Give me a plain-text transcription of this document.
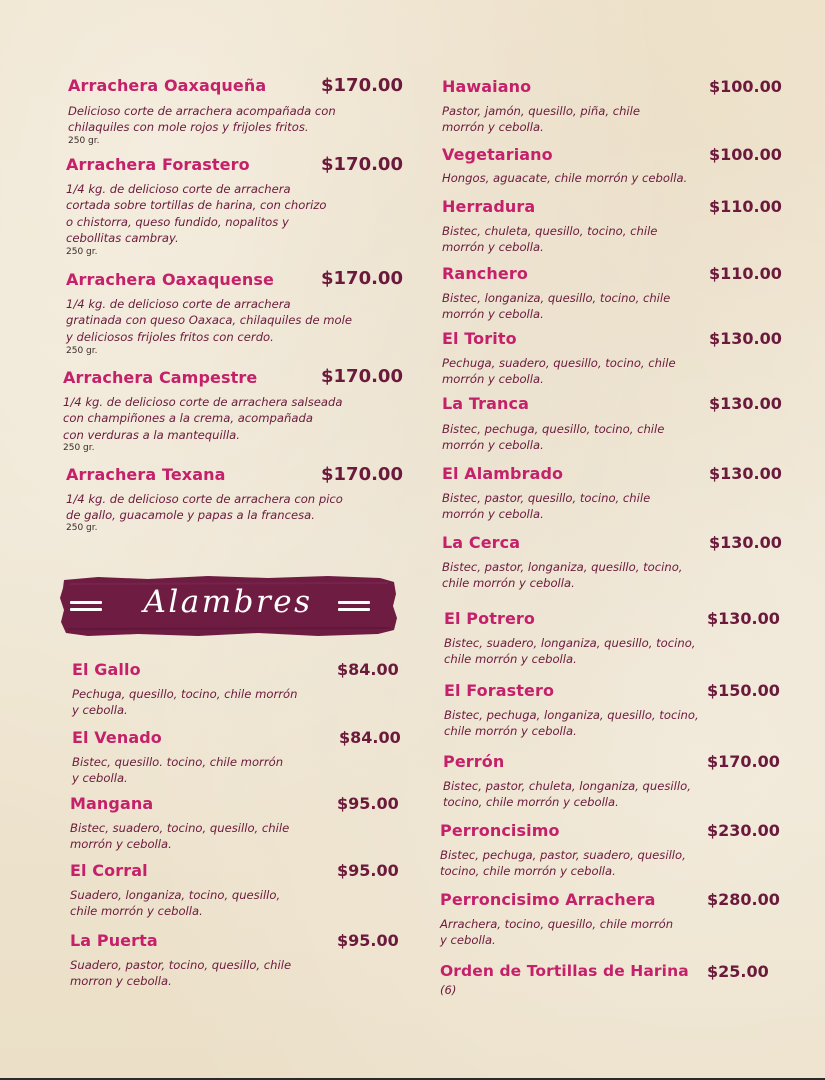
Arrachera Oaxaqueña	$170.00
Delicioso corte de arrachera acompañada con
chilaquiles con mole rojos y frijoles fritos.
250 gr.
Arrachera Forastero	$170.00
1/4 kg. de delicioso corte de arrachera
cortada sobre tortillas de harina, con chorizo
o chistorra, queso fundido, nopalitos y
cebollitas cambray.
250 gr.
Arrachera Oaxaquense	$170.00
1/4 kg. de delicioso corte de arrachera
gratinada con queso Oaxaca, chilaquiles de mole
y deliciosos frijoles fritos con cerdo.
250 gr.
Arrachera Campestre	$170.00
1/4 kg. de delicioso corte de arrachera salseada
con champiñones a la crema, acompañada
con verduras a la mantequilla.
250 gr.
Arrachera Texana	$170.00
1/4 kg. de delicioso corte de arrachera con pico
de gallo, guacamole y papas a la francesa.
250 gr.
Alambres
El Gallo	$84.00
Pechuga, quesillo, tocino, chile morrón
y cebolla.
El Venado	$84.00
Bistec, quesillo. tocino, chile morrón
y cebolla.
Mangana	$95.00
Bistec, suadero, tocino, quesillo, chile
morrón y cebolla.
El Corral	$95.00
Suadero, longaniza, tocino, quesillo,
chile morrón y cebolla.
La Puerta	$95.00
Suadero, pastor, tocino, quesillo, chile
morron y cebolla.
Hawaiano	$100.00
Pastor, jamón, quesillo, piña, chile
morrón y cebolla.
Vegetariano	$100.00
Hongos, aguacate, chile morrón y cebolla.
Herradura	$110.00
Bistec, chuleta, quesillo, tocino, chile
morrón y cebolla.
Ranchero	$110.00
Bistec, longaniza, quesillo, tocino, chile
morrón y cebolla.
El Torito	$130.00
Pechuga, suadero, quesillo, tocino, chile
morrón y cebolla.
La Tranca	$130.00
Bistec, pechuga, quesillo, tocino, chile
morrón y cebolla.
El Alambrado	$130.00
Bistec, pastor, quesillo, tocino, chile
morrón y cebolla.
La Cerca	$130.00
Bistec, pastor, longaniza, quesillo, tocino,
chile morrón y cebolla.
El Potrero	$130.00
Bistec, suadero, longaniza, quesillo, tocino,
chile morrón y cebolla.
El Forastero	$150.00
Bistec, pechuga, longaniza, quesillo, tocino,
chile morrón y cebolla.
Perrón	$170.00
Bistec, pastor, chuleta, longaniza, quesillo,
tocino, chile morrón y cebolla.
Perroncisimo	$230.00
Bistec, pechuga, pastor, suadero, quesillo,
tocino, chile morrón y cebolla.
Perroncisimo Arrachera	$280.00
Arrachera, tocino, quesillo, chile morrón
y cebolla.
Orden de Tortillas de Harina $25.00
(6)
